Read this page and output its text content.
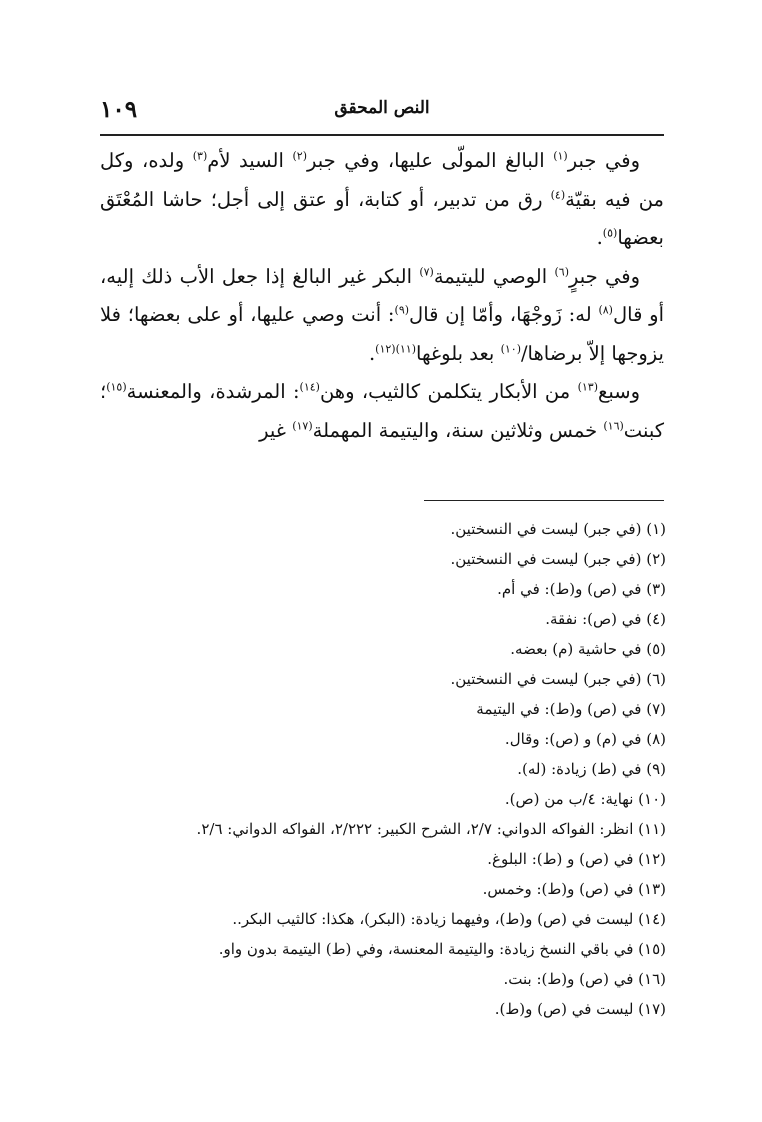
١٠٩	النص المحقق

وفي جبر$^{(١)}$ البالغ المولّى عليها، وفي جبر$^{(٢)}$ السيد لأم$^{(٣)}$ ولده، وكل من فيه بقيّة$^{(٤)}$ رق من تدبير، أو كتابة، أو عتق إلى أجل؛ حاشا المُعْتَق بعضها$^{(٥)}$.

وفي جبرٍ$^{(٦)}$ الوصي لليتيمة$^{(٧)}$ البكر غير البالغ إذا جعل الأب ذلك إليه، أو قال$^{(٨)}$ له: زَوجْهَا، وأمّا إن قال$^{(٩)}$: أنت وصي عليها، أو على بعضها؛ فلا يزوجها إلاّ برضاها/$^{(١٠)}$ بعد بلوغها$^{(١١)(١٢)}$.

وسبع$^{(١٣)}$ من الأبكار يتكلمن كالثيب، وهن$^{(١٤)}$: المرشدة، والمعنسة$^{(١٥)}$؛ كبنت$^{(١٦)}$ خمس وثلاثين سنة، واليتيمة المهملة$^{(١٧)}$ غير

(١) (في جبر) ليست في النسختين.
(٢) (في جبر) ليست في النسختين.
(٣) في (ص) و(ط): في أم.
(٤) في (ص): نفقة.
(٥) في حاشية (م) بعضه.
(٦) (في جبر) ليست في النسختين.
(٧) في (ص) و(ط): في اليتيمة
(٨) في (م) و (ص): وقال.
(٩) في (ط) زيادة: (له).
(١٠) نهاية: ٤/ب من (ص).
(١١) انظر: الفواكه الدواني: ٢/٧، الشرح الكبير: ٢/٢٢٢، الفواكه الدواني: ٢/٦.
(١٢) في (ص) و (ط): البلوغ.
(١٣) في (ص) و(ط): وخمس.
(١٤) ليست في (ص) و(ط)، وفيهما زيادة: (البكر)، هكذا: كالثيب البكر..
(١٥) في باقي النسخ زيادة: واليتيمة المعنسة، وفي (ط) اليتيمة بدون واو.
(١٦) في (ص) و(ط): بنت.
(١٧) ليست في (ص) و(ط).
